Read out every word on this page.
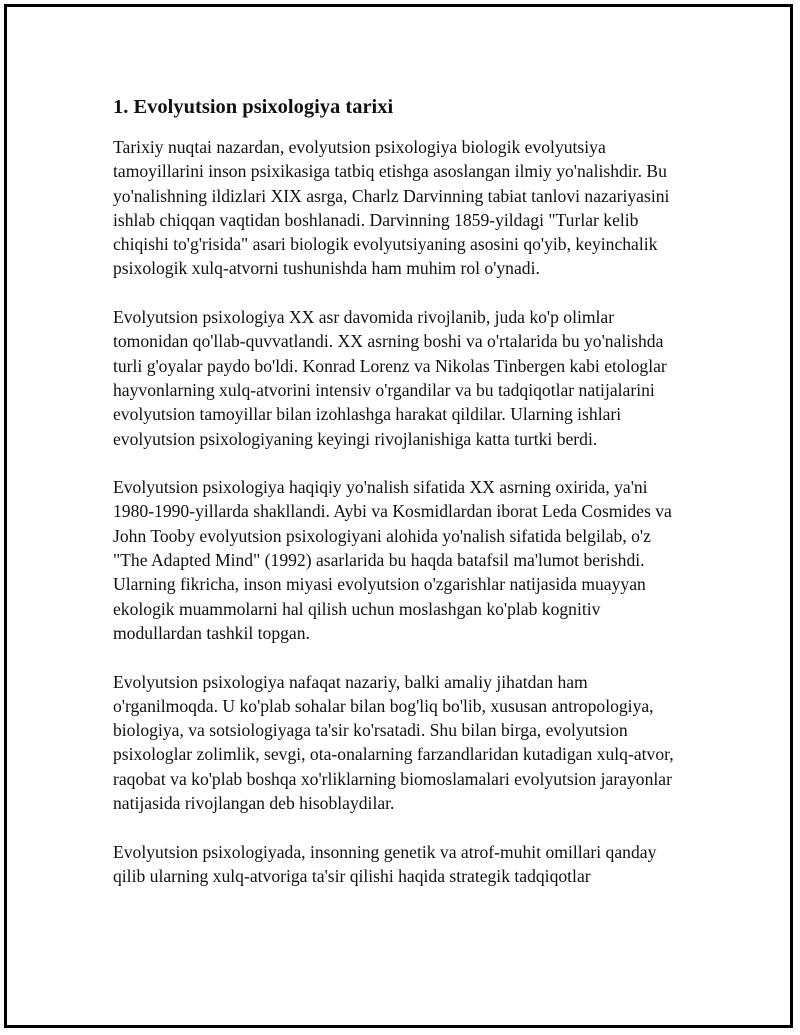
1. Evolyutsion psixologiya tarixi

Tarixiy nuqtai nazardan, evolyutsion psixologiya biologik evolyutsiya tamoyillarini inson psixikasiga tatbiq etishga asoslangan ilmiy yo'nalishdir. Bu yo'nalishning ildizlari XIX asrga, Charlz Darvinning tabiat tanlovi nazariyasini ishlab chiqqan vaqtidan boshlanadi. Darvinning 1859-yildagi "Turlar kelib chiqishi to'g'risida" asari biologik evolyutsiyaning asosini qo'yib, keyinchalik psixologik xulq-atvorni tushunishda ham muhim rol o'ynadi.

Evolyutsion psixologiya XX asr davomida rivojlanib, juda ko'p olimlar tomonidan qo'llab-quvvatlandi. XX asrning boshi va o'rtalarida bu yo'nalishda turli g'oyalar paydo bo'ldi. Konrad Lorenz va Nikolas Tinbergen kabi etologlar hayvonlarning xulq-atvorini intensiv o'rgandilar va bu tadqiqotlar natijalarini evolyutsion tamoyillar bilan izohlashga harakat qildilar. Ularning ishlari evolyutsion psixologiyaning keyingi rivojlanishiga katta turtki berdi.

Evolyutsion psixologiya haqiqiy yo'nalish sifatida XX asrning oxirida, ya'ni 1980-1990-yillarda shakllandi. Aybi va Kosmidlardan iborat Leda Cosmides va John Tooby evolyutsion psixologiyani alohida yo'nalish sifatida belgilab, o'z "The Adapted Mind" (1992) asarlarida bu haqda batafsil ma'lumot berishdi. Ularning fikricha, inson miyasi evolyutsion o'zgarishlar natijasida muayyan ekologik muammolarni hal qilish uchun moslashgan ko'plab kognitiv modullardan tashkil topgan.

Evolyutsion psixologiya nafaqat nazariy, balki amaliy jihatdan ham o'rganilmoqda. U ko'plab sohalar bilan bog'liq bo'lib, xususan antropologiya, biologiya, va sotsiologiyaga ta'sir ko'rsatadi. Shu bilan birga, evolyutsion psixologlar zolimlik, sevgi, ota-onalarning farzandlaridan kutadigan xulq-atvor, raqobat va ko'plab boshqa xo'rliklarning biomoslamalari evolyutsion jarayonlar natijasida rivojlangan deb hisoblaydilar.

Evolyutsion psixologiyada, insonning genetik va atrof-muhit omillari qanday qilib ularning xulq-atvoriga ta'sir qilishi haqida strategik tadqiqotlar
